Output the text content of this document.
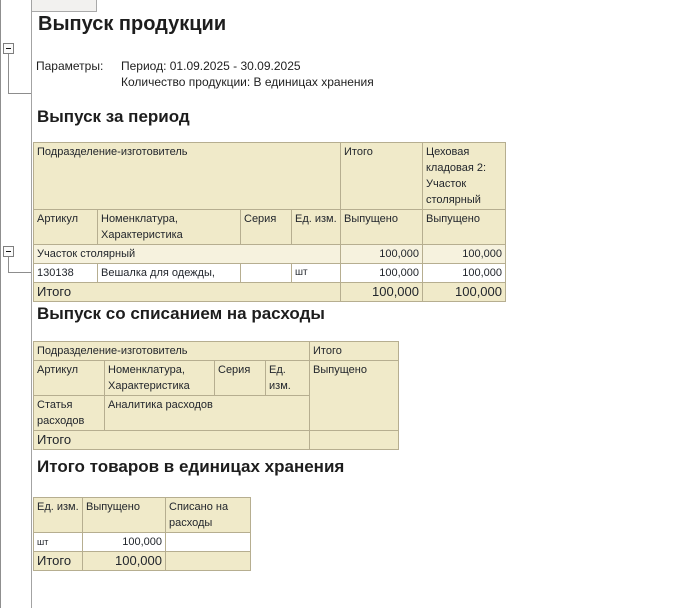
Выпуск продукции
Параметры: Период: 01.09.2025 - 30.09.2025
Количество продукции: В единицах хранения
Выпуск за период
Подразделение-изготовитель				Итого	Цеховая кладовая 2: Участок столярный
Артикул	Номенклатура, Характеристика	Серия	Ед. изм.	Выпущено	Выпущено
Участок столярный				100,000	100,000
130138	Вешалка для одежды,		шт	100,000	100,000
Итого				100,000	100,000
Выпуск со списанием на расходы
Подразделение-изготовитель				Итого
Артикул	Номенклатура, Характеристика	Серия	Ед. изм.	Выпущено
Статья расходов	Аналитика расходов			
Итого				
Итого товаров в единицах хранения
Ед. изм.	Выпущено	Списано на расходы
шт	100,000	
Итого	100,000	
